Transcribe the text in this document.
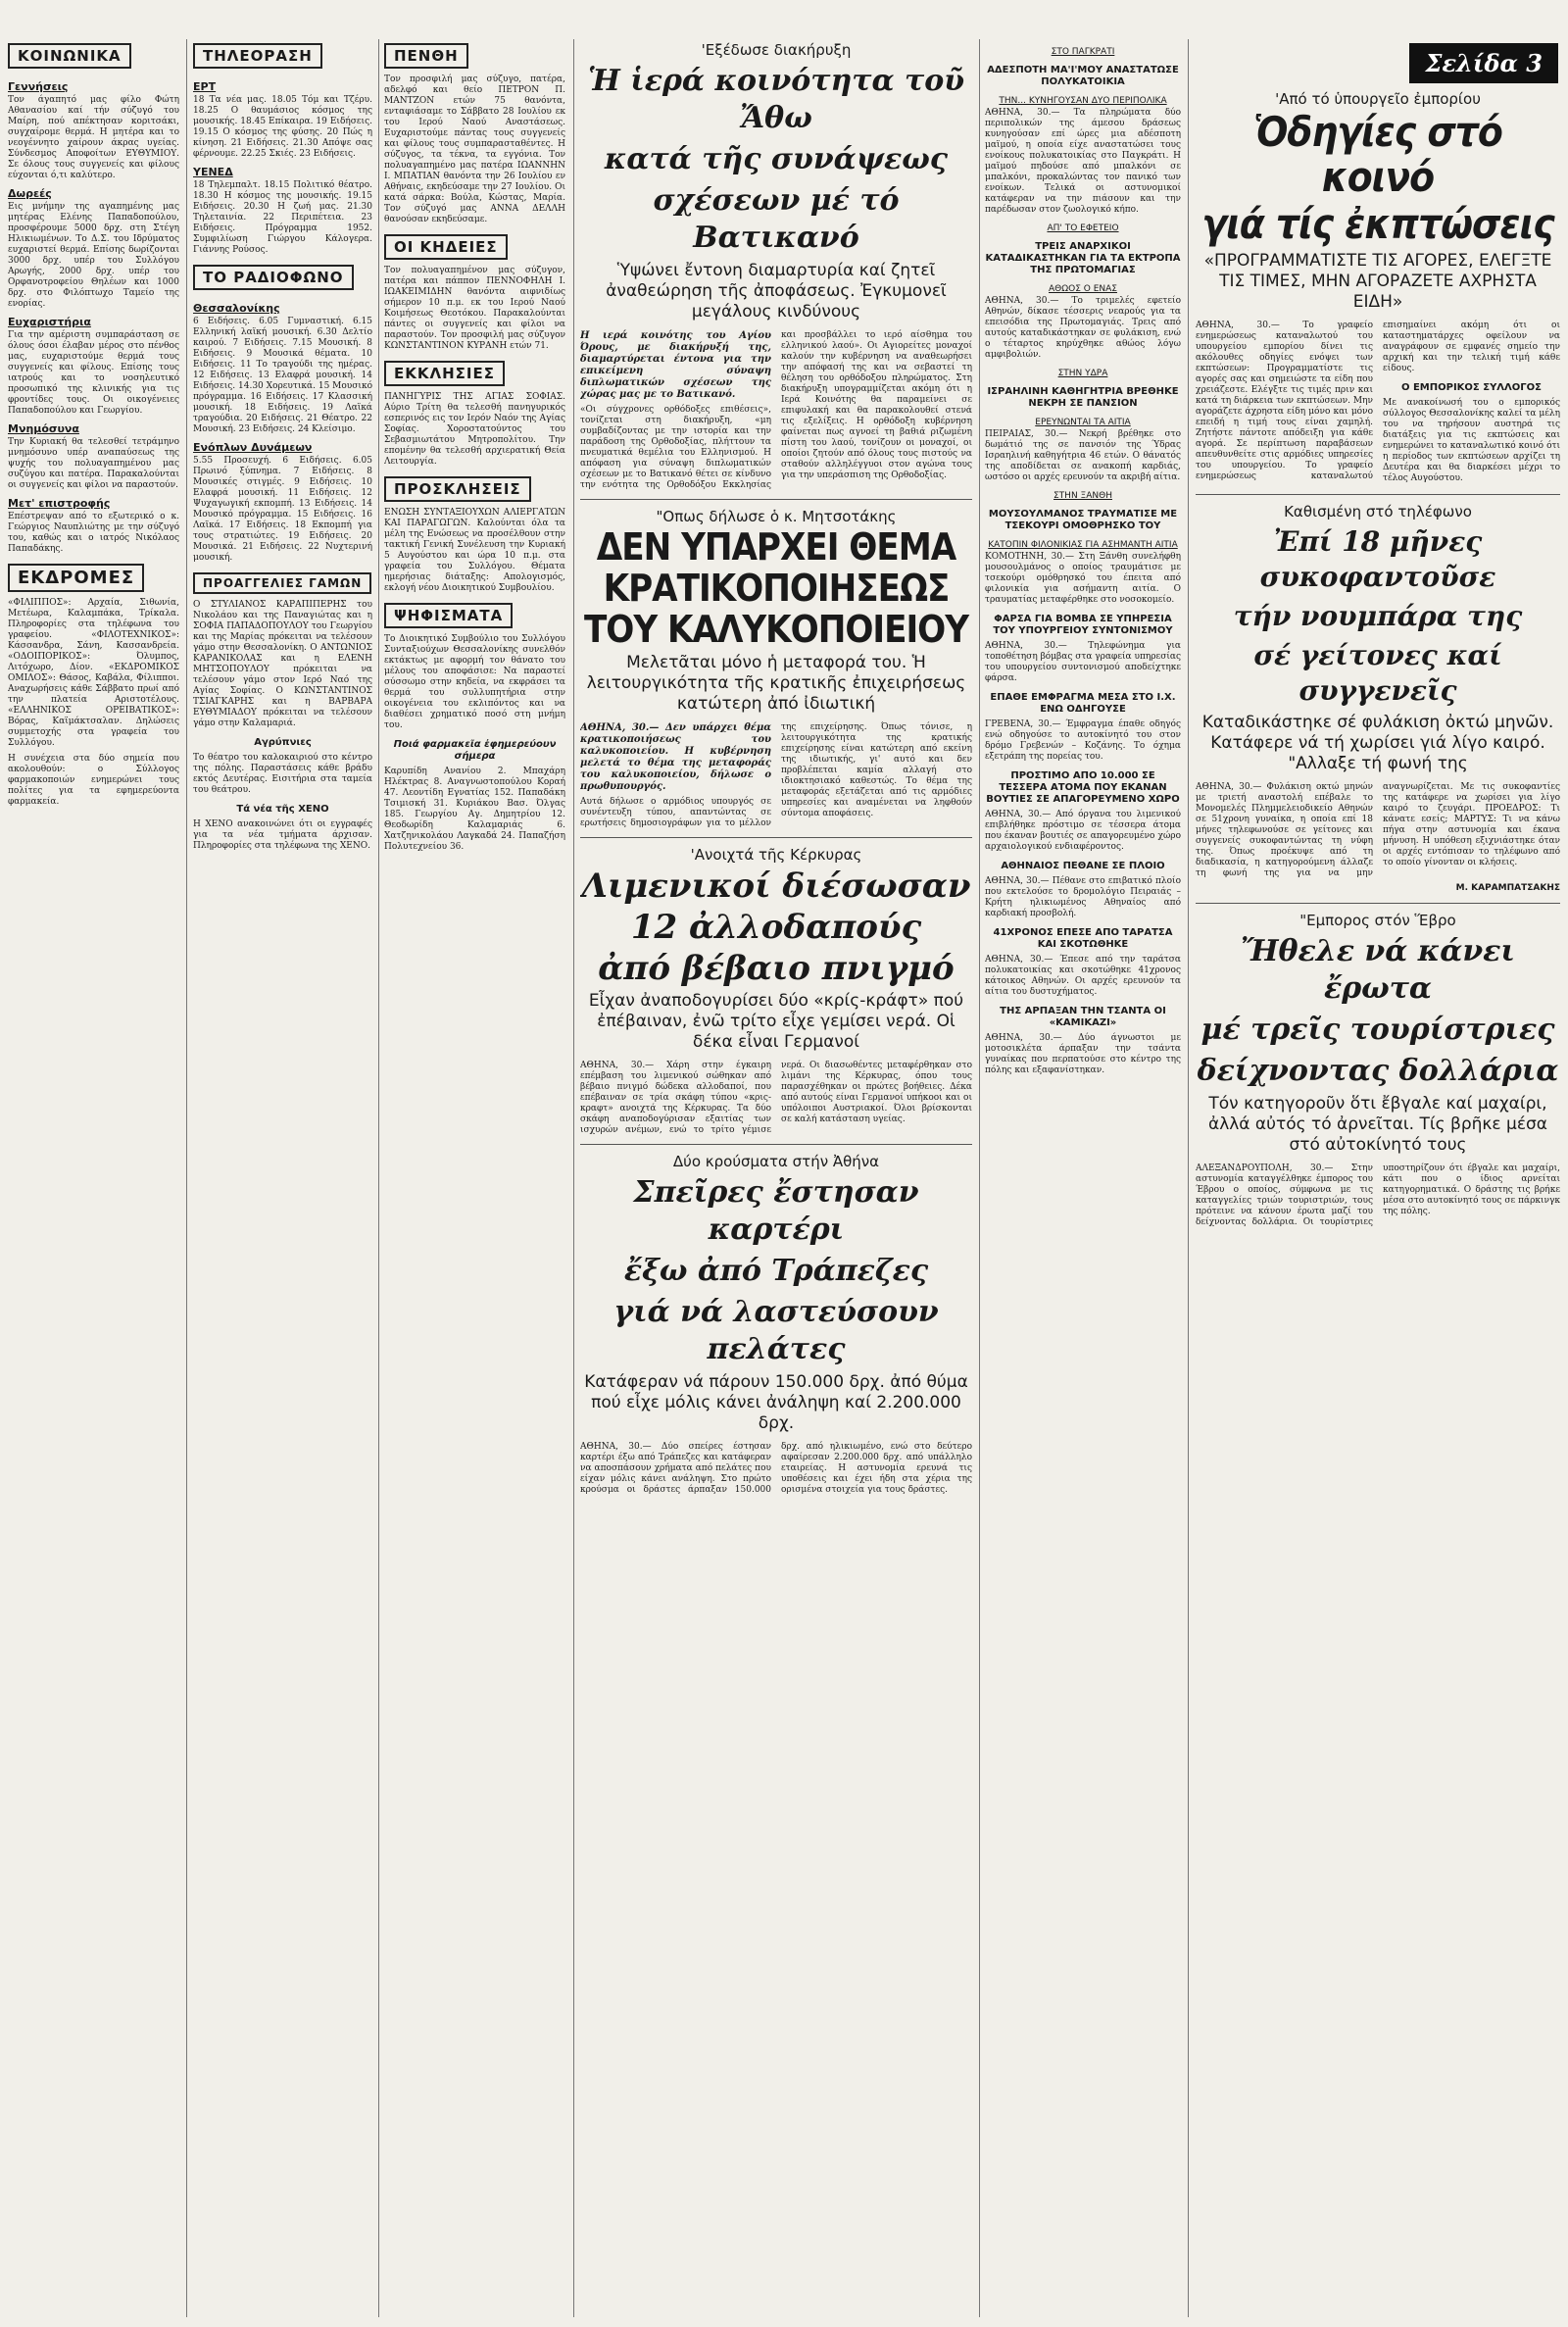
Σελίδα 3
ΚΟΙΝΩΝΙΚΑ
Γεννήσεις

Τον άγαπητό μας φίλο Φώτη Αθανασίου καί τήν σύζυγό του Μαίρη, πού απέκτησαν κοριτσάκι, συγχαίρομε θερμά. Η μητέρα και το νεογέννητο χαίρουν άκρας υγείας. Σύνδεσμος Αποφοίτων ΕΥΘΥΜΙΟΥ. Σε όλους τους συγγενείς και φίλους εύχονται ό,τι καλύτερο.

Δωρεές

Εις μνήμην της αγαπημένης μας μητέρας Ελένης Παπαδοπούλου, προσφέρουμε 5000 δρχ. στη Στέγη Ηλικιωμένων. Το Δ.Σ. του Ιδρύματος ευχαριστεί θερμά. Επίσης δωρίζονται 3000 δρχ. υπέρ του Συλλόγου Αρωγής, 2000 δρχ. υπέρ του Ορφανοτροφείου Θηλέων και 1000 δρχ. στο Φιλόπτωχο Ταμείο της ενορίας.

Ευχαριστήρια

Για την αμέριστη συμπαράσταση σε όλους όσοι έλαβαν μέρος στο πένθος μας, ευχαριστούμε θερμά τους συγγενείς και φίλους. Επίσης τους ιατρούς και το νοσηλευτικό προσωπικό της κλινικής για τις φροντίδες τους. Οι οικογένειες Παπαδοπούλου και Γεωργίου.

Μνημόσυνα

Την Κυριακή θα τελεσθεί τετράμηνο μνημόσυνο υπέρ αναπαύσεως της ψυχής του πολυαγαπημένου μας συζύγου και πατέρα. Παρακαλούνται οι συγγενείς και φίλοι να παραστούν.

Μετ' επιστροφής

Επέστρεψαν από το εξωτερικό ο κ. Γεώργιος Ναυπλιώτης με την σύζυγό του, καθώς και ο ιατρός Νικόλαος Παπαδάκης.

ΕΚΔΡΟΜΕΣ

«ΦΙΛΙΠΠΟΣ»: Αρχαία, Σιθωνία, Μετέωρα, Καλαμπάκα, Τρίκαλα. Πληροφορίες στα τηλέφωνα του γραφείου. «ΦΙΛΟΤΕΧΝΙΚΟΣ»: Κάσσανδρα, Σάνη, Κασσανδρεία. «ΟΔΟΙΠΟΡΙΚΟΣ»: Όλυμπος, Λιτόχωρο, Δίον. «ΕΚΔΡΟΜΙΚΟΣ ΟΜΙΛΟΣ»: Θάσος, Καβάλα, Φίλιπποι. Αναχωρήσεις κάθε Σάββατο πρωί από την πλατεία Αριστοτέλους. «ΕΛΛΗΝΙΚΟΣ ΟΡΕΙΒΑΤΙΚΟΣ»: Βόρας, Καϊμάκτσαλαν. Δηλώσεις συμμετοχής στα γραφεία του Συλλόγου.

Η συνέχεια στα δύο σημεία που ακολουθούν: ο Σύλλογος φαρμακοποιών ενημερώνει τους πολίτες για τα εφημερεύοντα φαρμακεία.

ΤΗΛΕΟΡΑΣΗ
ΕΡΤ

18 Τα νέα μας. 18.05 Τόμ και Τζέρυ. 18.25 Ο θαυμάσιος κόσμος της μουσικής. 18.45 Επίκαιρα. 19 Ειδήσεις. 19.15 Ο κόσμος της φύσης. 20 Πώς η κίνηση. 21 Ειδήσεις. 21.30 Απόψε σας φέρνουμε. 22.25 Σκιές. 23 Ειδήσεις.

ΥΕΝΕΔ

18 Τηλεμπαλτ. 18.15 Πολιτικό θέατρο. 18.30 Η κόσμος της μουσικής. 19.15 Ειδήσεις. 20.30 Η ζωή μας. 21.30 Τηλεταινία. 22 Περιπέτεια. 23 Ειδήσεις. Πρόγραμμα 1952. Συμφιλίωση Γιώργου Κάλογερα. Γιάννης Ρούσος.

ΤΟ ΡΑΔΙΟΦΩΝΟ
Θεσσαλονίκης

6 Ειδήσεις. 6.05 Γυμναστική. 6.15 Ελληνική λαϊκή μουσική. 6.30 Δελτίο καιρού. 7 Ειδήσεις. 7.15 Μουσική. 8 Ειδήσεις. 9 Μουσικά θέματα. 10 Ειδήσεις. 11 Το τραγούδι της ημέρας. 12 Ειδήσεις. 13 Ελαφρά μουσική. 14 Ειδήσεις. 14.30 Χορευτικά. 15 Μουσικό πρόγραμμα. 16 Ειδήσεις. 17 Κλασσική μουσική. 18 Ειδήσεις. 19 Λαϊκά τραγούδια. 20 Ειδήσεις. 21 Θέατρο. 22 Μουσική. 23 Ειδήσεις. 24 Κλείσιμο.

Ενόπλων Δυνάμεων

5.55 Προσευχή. 6 Ειδήσεις. 6.05 Πρωινό ξύπνημα. 7 Ειδήσεις. 8 Μουσικές στιγμές. 9 Ειδήσεις. 10 Ελαφρά μουσική. 11 Ειδήσεις. 12 Ψυχαγωγική εκπομπή. 13 Ειδήσεις. 14 Μουσικό πρόγραμμα. 15 Ειδήσεις. 16 Λαϊκά. 17 Ειδήσεις. 18 Εκπομπή για τους στρατιώτες. 19 Ειδήσεις. 20 Μουσικά. 21 Ειδήσεις. 22 Νυχτερινή μουσική.

ΠΡΟΑΓΓΕΛΙΕΣ ΓΑΜΩΝ

Ο ΣΤΥΛΙΑΝΟΣ ΚΑΡΑΠΙΠΕΡΗΣ του Νικολάου και της Παναγιώτας και η ΣΟΦΙΑ ΠΑΠΑΔΟΠΟΥΛΟΥ του Γεωργίου και της Μαρίας πρόκειται να τελέσουν γάμο στην Θεσσαλονίκη. Ο ΑΝΤΩΝΙΟΣ ΚΑΡΑΝΙΚΟΛΑΣ και η ΕΛΕΝΗ ΜΗΤΣΟΠΟΥΛΟΥ πρόκειται να τελέσουν γάμο στον Ιερό Ναό της Αγίας Σοφίας. Ο ΚΩΝΣΤΑΝΤΙΝΟΣ ΤΣΙΑΓΚΑΡΗΣ και η ΒΑΡΒΑΡΑ ΕΥΘΥΜΙΑΔΟΥ πρόκειται να τελέσουν γάμο στην Καλαμαριά.

Αγρύπνιες

Το θέατρο του καλοκαιριού στο κέντρο της πόλης. Παραστάσεις κάθε βράδυ εκτός Δευτέρας. Εισιτήρια στα ταμεία του θεάτρου.

Τά νέα τῆς ΧΕΝΟ

Η ΧΕΝΟ ανακοινώνει ότι οι εγγραφές για τα νέα τμήματα άρχισαν. Πληροφορίες στα τηλέφωνα της ΧΕΝΟ.

ΠΕΝΘΗ

Τον προσφιλή μας σύζυγο, πατέρα, αδελφό και θείο ΠΕΤΡΟΝ Π. ΜΑΝΤΖΟΝ ετών 75 θανόντα, ενταφιάσαμε το Σάββατο 28 Ιουλίου εκ του Ιερού Ναού Αναστάσεως. Ευχαριστούμε πάντας τους συγγενείς και φίλους τους συμπαρασταθέντες. Η σύζυγος, τα τέκνα, τα εγγόνια. Τον πολυαγαπημένο μας πατέρα ΙΩΑΝΝΗΝ Ι. ΜΠΑΤΙΑΝ θανόντα την 26 Ιουλίου εν Αθήναις, εκηδεύσαμε την 27 Ιουλίου. Οι κατά σάρκα: Βούλα, Κώστας, Μαρία. Τον σύζυγό μας ΑΝΝΑ ΔΕΛΛΗ θανούσαν εκηδεύσαμε.

ΟΙ ΚΗΔΕΙΕΣ

Τον πολυαγαπημένον μας σύζυγον, πατέρα και πάππον ΠΕΝΝΟΦΗΛΗ Ι. ΙΩΑΚΕΙΜΙΔΗΝ θανόντα αιφνιδίως σήμερον 10 π.μ. εκ του Ιερού Ναού Κοιμήσεως Θεοτόκου. Παρακαλούνται πάντες οι συγγενείς και φίλοι να παραστούν. Τον προσφιλή μας σύζυγον ΚΩΝΣΤΑΝΤΙΝΟΝ ΚΥΡΑΝΗ ετών 71.

ΕΚΚΛΗΣΙΕΣ

ΠΑΝΗΓΥΡΙΣ ΤΗΣ ΑΓΙΑΣ ΣΟΦΙΑΣ. Αύριο Τρίτη θα τελεσθή πανηγυρικός εσπερινός εις τον Ιερόν Ναόν της Αγίας Σοφίας. Χοροστατούντος του Σεβασμιωτάτου Μητροπολίτου. Την επομένην θα τελεσθή αρχιερατική Θεία Λειτουργία.

ΠΡΟΣΚΛΗΣΕΙΣ

ΕΝΩΣΗ ΣΥΝΤΑΞΙΟΥΧΩΝ ΑΛΙΕΡΓΑΤΩΝ ΚΑΙ ΠΑΡΑΓΩΓΩΝ. Καλούνται όλα τα μέλη της Ενώσεως να προσέλθουν στην τακτική Γενική Συνέλευση την Κυριακή 5 Αυγούστου και ώρα 10 π.μ. στα γραφεία του Συλλόγου. Θέματα ημερήσιας διάταξης: Απολογισμός, εκλογή νέου Διοικητικού Συμβουλίου.

ΨΗΦΙΣΜΑΤΑ

Το Διοικητικό Συμβούλιο του Συλλόγου Συνταξιούχων Θεσσαλονίκης συνελθόν εκτάκτως με αφορμή τον θάνατο του μέλους του αποφάσισε: Να παραστεί σύσσωμο στην κηδεία, να εκφράσει τα θερμά του συλλυπητήρια στην οικογένεια του εκλιπόντος και να διαθέσει χρηματικό ποσό στη μνήμη του.

Ποιά φαρμακεῖα ἐφημερεύουν σήμερα

Καρυπίδη Ανανίου 2. Μπαχάρη Ηλέκτρας 8. Αναγνωστοπούλου Κοραή 47. Λεοντίδη Εγνατίας 152. Παπαδάκη Τσιμισκή 31. Κυριάκου Βασ. Όλγας 185. Γεωργίου Αγ. Δημητρίου 12. Θεοδωρίδη Καλαμαριάς 6. Χατζηνικολάου Λαγκαδά 24. Παπαζήση Πολυτεχνείου 36.

'Εξέδωσε διακήρυξη
Ἡ ἱερά κοινότητα τοῦ Ἄθω
κατά τῆς συνάψεως
σχέσεων μέ τό Βατικανό
Ὑψώνει ἔντονη διαμαρτυρία καί ζητεῖ ἀναθεώρηση τῆς ἀποφάσεως. Ἐγκυμονεῖ μεγάλους κινδύνους

Η ιερά κοινότης του Αγίου Όρους, με διακήρυξή της, διαμαρτύρεται έντονα για την επικείμενη σύναψη διπλωματικών σχέσεων της χώρας μας με το Βατικανό.

«Οι σύγχρονες ορθόδοξες επιθέσεις», τονίζεται στη διακήρυξη, «μη συμβαδίζοντας με την ιστορία και την παράδοση της Ορθοδοξίας, πλήττουν τα πνευματικά θεμέλια του Ελληνισμού. Η απόφαση για σύναψη διπλωματικών σχέσεων με το Βατικανό θέτει σε κίνδυνο την ενότητα της Ορθοδόξου Εκκλησίας και προσβάλλει το ιερό αίσθημα του ελληνικού λαού». Οι Αγιορείτες μοναχοί καλούν την κυβέρνηση να αναθεωρήσει την απόφασή της και να σεβαστεί τη θέληση του ορθόδοξου πληρώματος. Στη διακήρυξη υπογραμμίζεται ακόμη ότι η Ιερά Κοινότης θα παραμείνει σε επιφυλακή και θα παρακολουθεί στενά τις εξελίξεις. Η ορθόδοξη κυβέρνηση φαίνεται πως αγνοεί τη βαθιά ριζωμένη πίστη του λαού, τονίζουν οι μοναχοί, οι οποίοι ζητούν από όλους τους πιστούς να σταθούν αλληλέγγυοι στον αγώνα τους για την υπεράσπιση της Ορθοδοξίας.

"Οπως δήλωσε ὁ κ. Μητσοτάκης
ΔΕΝ ΥΠΑΡΧΕΙ ΘΕΜΑ
ΚΡΑΤΙΚΟΠΟΙΗΣΕΩΣ
ΤΟΥ ΚΑΛΥΚΟΠΟΙΕΙΟΥ
Μελετᾶται μόνο ἡ μεταφορά του. Ἡ λειτουργικότητα τῆς κρατικῆς ἐπιχειρήσεως κατώτερη ἀπό ἰδιωτική

ΑΘΗΝΑ, 30.— Δεν υπάρχει θέμα κρατικοποιήσεως του καλυκοποιείου. Η κυβέρνηση μελετά το θέμα της μεταφοράς του καλυκοποιείου, δήλωσε ο πρωθυπουργός.

Αυτά δήλωσε ο αρμόδιος υπουργός σε συνέντευξη τύπου, απαντώντας σε ερωτήσεις δημοσιογράφων για το μέλλον της επιχείρησης. Όπως τόνισε, η λειτουργικότητα της κρατικής επιχείρησης είναι κατώτερη από εκείνη της ιδιωτικής, γι' αυτό και δεν προβλέπεται καμία αλλαγή στο ιδιοκτησιακό καθεστώς. Το θέμα της μεταφοράς εξετάζεται από τις αρμόδιες υπηρεσίες και αναμένεται να ληφθούν σύντομα αποφάσεις.

'Ανοιχτά τῆς Κέρκυρας
Λιμενικοί διέσωσαν
12 ἀλλοδαπούς
ἀπό βέβαιο πνιγμό
Εἶχαν ἀναποδογυρίσει δύο «κρίς-κράφτ» πού ἐπέβαιναν, ἐνῶ τρίτο εἶχε γεμίσει νερά. Οἱ δέκα εἶναι Γερμανοί

ΑΘΗΝΑ, 30.— Χάρη στην έγκαιρη επέμβαση του λιμενικού σώθηκαν από βέβαιο πνιγμό δώδεκα αλλοδαποί, που επέβαιναν σε τρία σκάφη τύπου «κρις-κραφτ» ανοιχτά της Κέρκυρας. Τα δύο σκάφη αναποδογύρισαν εξαιτίας των ισχυρών ανέμων, ενώ το τρίτο γέμισε νερά. Οι διασωθέντες μεταφέρθηκαν στο λιμάνι της Κέρκυρας, όπου τους παρασχέθηκαν οι πρώτες βοήθειες. Δέκα από αυτούς είναι Γερμανοί υπήκοοι και οι υπόλοιποι Αυστριακοί. Όλοι βρίσκονται σε καλή κατάσταση υγείας.

Δύο κρούσματα στήν Ἀθήνα
Σπεῖρες ἔστησαν καρτέρι
ἔξω ἀπό Τράπεζες
γιά νά λαστεύσουν πελάτες
Κατάφεραν νά πάρουν 150.000 δρχ. ἀπό θύμα πού εἶχε μόλις κάνει ἀνάληψη καί 2.200.000 δρχ.

ΑΘΗΝΑ, 30.— Δύο σπείρες έστησαν καρτέρι έξω από Τράπεζες και κατάφεραν να αποσπάσουν χρήματα από πελάτες που είχαν μόλις κάνει ανάληψη. Στο πρώτο κρούσμα οι δράστες άρπαξαν 150.000 δρχ. από ηλικιωμένο, ενώ στο δεύτερο αφαίρεσαν 2.200.000 δρχ. από υπάλληλο εταιρείας. Η αστυνομία ερευνά τις υποθέσεις και έχει ήδη στα χέρια της ορισμένα στοιχεία για τους δράστες.

ΣΤΟ ΠΑΓΚΡΑΤΙ
ΑΔΕΣΠΟΤΗ ΜΑ'Ι'ΜΟΥ ΑΝΑΣΤΑΤΩΣΕ ΠΟΛΥΚΑΤΟΙΚΙΑ
ΤΗΝ... ΚΥΝΗΓΟΥΣΑΝ ΔΥΟ ΠΕΡΙΠΟΛΙΚΑ

ΑΘΗΝΑ, 30.— Τα πληρώματα δύο περιπολικών της άμεσου δράσεως κυνηγούσαν επί ώρες μια αδέσποτη μαϊμού, η οποία είχε αναστατώσει τους ενοίκους πολυκατοικίας στο Παγκράτι. Η μαϊμού πηδούσε από μπαλκόνι σε μπαλκόνι, προκαλώντας τον πανικό των ενοίκων. Τελικά οι αστυνομικοί κατάφεραν να την πιάσουν και την παρέδωσαν στον ζωολογικό κήπο.

ΑΠ' ΤΟ ΕΦΕΤΕΙΟ
ΤΡΕΙΣ ΑΝΑΡΧΙΚΟΙ ΚΑΤΑΔΙΚΑΣΤΗΚΑΝ ΓΙΑ ΤΑ ΕΚΤΡΟΠΑ ΤΗΣ ΠΡΩΤΟΜΑΓΙΑΣ
ΑΘΩΟΣ Ο ΕΝΑΣ

ΑΘΗΝΑ, 30.— Το τριμελές εφετείο Αθηνών, δίκασε τέσσερις νεαρούς για τα επεισόδια της Πρωτομαγιάς. Τρεις από αυτούς καταδικάστηκαν σε φυλάκιση, ενώ ο τέταρτος κηρύχθηκε αθώος λόγω αμφιβολιών.

ΣΤΗΝ ΥΔΡΑ
ΙΣΡΑΗΛΙΝΗ ΚΑΘΗΓΗΤΡΙΑ ΒΡΕΘΗΚΕ ΝΕΚΡΗ ΣΕ ΠΑΝΣΙΟΝ
ΕΡΕΥΝΩΝΤΑΙ ΤΑ ΑΙΤΙΑ

ΠΕΙΡΑΙΑΣ, 30.— Νεκρή βρέθηκε στο δωμάτιό της σε πανσιόν της Ύδρας Ισραηλινή καθηγήτρια 46 ετών. Ο θάνατός της αποδίδεται σε ανακοπή καρδιάς, ωστόσο οι αρχές ερευνούν τα ακριβή αίτια.

ΣΤΗΝ ΞΑΝΘΗ
ΜΟΥΣΟΥΛΜΑΝΟΣ ΤΡΑΥΜΑΤΙΣΕ ΜΕ ΤΣΕΚΟΥΡΙ ΟΜΟΘΡΗΣΚΟ ΤΟΥ
ΚΑΤΟΠΙΝ ΦΙΛΟΝΙΚΙΑΣ ΓΙΑ ΑΣΗΜΑΝΤΗ ΑΙΤΙΑ

ΚΟΜΟΤΗΝΗ, 30.— Στη Ξάνθη συνελήφθη μουσουλμάνος ο οποίος τραυμάτισε με τσεκούρι ομόθρησκό του έπειτα από φιλονικία για ασήμαντη αιτία. Ο τραυματίας μεταφέρθηκε στο νοσοκομείο.

ΦΑΡΣΑ ΓΙΑ ΒΟΜΒΑ ΣΕ ΥΠΗΡΕΣΙΑ ΤΟΥ ΥΠΟΥΡΓΕΙΟΥ ΣΥΝΤΟΝΙΣΜΟΥ

ΑΘΗΝΑ, 30.— Τηλεφώνημα για τοποθέτηση βόμβας στα γραφεία υπηρεσίας του υπουργείου συντονισμού αποδείχτηκε φάρσα.

ΕΠΑΘΕ ΕΜΦΡΑΓΜΑ ΜΕΣΑ ΣΤΟ Ι.Χ. ΕΝΩ ΟΔΗΓΟΥΣΕ

ΓΡΕΒΕΝΑ, 30.— Έμφραγμα έπαθε οδηγός ενώ οδηγούσε το αυτοκίνητό του στον δρόμο Γρεβενών – Κοζάνης. Το όχημα εξετράπη της πορείας του.

ΠΡΟΣΤΙΜΟ ΑΠΟ 10.000 ΣΕ ΤΕΣΣΕΡΑ ΑΤΟΜΑ ΠΟΥ ΕΚΑΝΑΝ ΒΟΥΤΙΕΣ ΣΕ ΑΠΑΓΟΡΕΥΜΕΝΟ ΧΩΡΟ

ΑΘΗΝΑ, 30.— Από όργανα του λιμενικού επιβλήθηκε πρόστιμο σε τέσσερα άτομα που έκαναν βουτιές σε απαγορευμένο χώρο αρχαιολογικού ενδιαφέροντος.

ΑΘΗΝΑΙΟΣ ΠΕΘΑΝΕ ΣΕ ΠΛΟΙΟ

ΑΘΗΝΑ, 30.— Πέθανε στο επιβατικό πλοίο που εκτελούσε το δρομολόγιο Πειραιάς – Κρήτη ηλικιωμένος Αθηναίος από καρδιακή προσβολή.

41ΧΡΟΝΟΣ ΕΠΕΣΕ ΑΠΟ ΤΑΡΑΤΣΑ ΚΑΙ ΣΚΟΤΩΘΗΚΕ

ΑΘΗΝΑ, 30.— Έπεσε από την ταράτσα πολυκατοικίας και σκοτώθηκε 41χρονος κάτοικος Αθηνών. Οι αρχές ερευνούν τα αίτια του δυστυχήματος.

ΤΗΣ ΑΡΠΑΞΑΝ ΤΗΝ ΤΣΑΝΤΑ ΟΙ «ΚΑΜΙΚΑΖΙ»

ΑΘΗΝΑ, 30.— Δύο άγνωστοι με μοτοσικλέτα άρπαξαν την τσάντα γυναίκας που περπατούσε στο κέντρο της πόλης και εξαφανίστηκαν.

'Από τό ὑπουργεῖο ἐμπορίου
Ὁδηγίες στό κοινό
γιά τίς ἐκπτώσεις
«ΠΡΟΓΡΑΜΜΑΤΙΣΤΕ ΤΙΣ ΑΓΟΡΕΣ, ΕΛΕΓΞΤΕ ΤΙΣ ΤΙΜΕΣ, ΜΗΝ ΑΓΟΡΑΖΕΤΕ ΑΧΡΗΣΤΑ ΕΙΔΗ»

ΑΘΗΝΑ, 30.— Το γραφείο ενημερώσεως καταναλωτού του υπουργείου εμπορίου δίνει τις ακόλουθες οδηγίες ενόψει των εκπτώσεων: Προγραμματίστε τις αγορές σας και σημειώστε τα είδη που χρειάζεστε. Ελέγξτε τις τιμές πριν και κατά τη διάρκεια των εκπτώσεων. Μην αγοράζετε άχρηστα είδη μόνο και μόνο επειδή η τιμή τους είναι χαμηλή. Ζητήστε πάντοτε απόδειξη για κάθε αγορά. Σε περίπτωση παραβάσεων απευθυνθείτε στις αρμόδιες υπηρεσίες του υπουργείου. Το γραφείο ενημερώσεως καταναλωτού επισημαίνει ακόμη ότι οι καταστηματάρχες οφείλουν να αναγράφουν σε εμφανές σημείο την αρχική και την τελική τιμή κάθε είδους.

Ο ΕΜΠΟΡΙΚΟΣ ΣΥΛΛΟΓΟΣ

Με ανακοίνωσή του ο εμπορικός σύλλογος Θεσσαλονίκης καλεί τα μέλη του να τηρήσουν αυστηρά τις διατάξεις για τις εκπτώσεις και ενημερώνει το καταναλωτικό κοινό ότι η περίοδος των εκπτώσεων αρχίζει τη Δευτέρα και θα διαρκέσει μέχρι το τέλος Αυγούστου.

Καθισμένη στό τηλέφωνο
Ἐπί 18 μῆνες συκοφαντοῦσε
τήν νουμπάρα της
σέ γείτονες καί συγγενεῖς
Καταδικάστηκε σέ φυλάκιση ὀκτώ μηνῶν. Κατάφερε νά τή χωρίσει γιά λίγο καιρό. "Αλλαξε τή φωνή της

ΑΘΗΝΑ, 30.— Φυλάκιση οκτώ μηνών με τριετή αναστολή επέβαλε το Μονομελές Πλημμελειοδικείο Αθηνών σε 51χρονη γυναίκα, η οποία επί 18 μήνες τηλεφωνούσε σε γείτονες και συγγενείς συκοφαντώντας τη νύφη της. Όπως προέκυψε από τη διαδικασία, η κατηγορούμενη άλλαζε τη φωνή της για να μην αναγνωρίζεται. Με τις συκοφαντίες της κατάφερε να χωρίσει για λίγο καιρό το ζευγάρι. ΠΡΟΕΔΡΟΣ: Τι κάνατε εσείς; ΜΑΡΤΥΣ: Τι να κάνω πήγα στην αστυνομία και έκανα μήνυση. Η υπόθεση εξιχνιάστηκε όταν οι αρχές εντόπισαν το τηλέφωνο από το οποίο γίνονταν οι κλήσεις.

Μ. ΚΑΡΑΜΠΑΤΣΑΚΗΣ
"Εμπορος στόν Ἕβρο
Ἤθελε νά κάνει ἔρωτα
μέ τρεῖς τουρίστριες
δείχνοντας δολλάρια
Τόν κατηγοροῦν ὅτι ἔβγαλε καί μαχαίρι, ἀλλά αὐτός τό ἀρνεῖται. Τίς βρῆκε μέσα στό αὐτοκίνητό τους

ΑΛΕΞΑΝΔΡΟΥΠΟΛΗ, 30.— Στην αστυνομία καταγγέλθηκε έμπορος του Έβρου ο οποίος, σύμφωνα με τις καταγγελίες τριών τουριστριών, τους πρότεινε να κάνουν έρωτα μαζί του δείχνοντας δολλάρια. Οι τουρίστριες υποστηρίζουν ότι έβγαλε και μαχαίρι, κάτι που ο ίδιος αρνείται κατηγορηματικά. Ο δράστης τις βρήκε μέσα στο αυτοκίνητό τους σε πάρκινγκ της πόλης.
